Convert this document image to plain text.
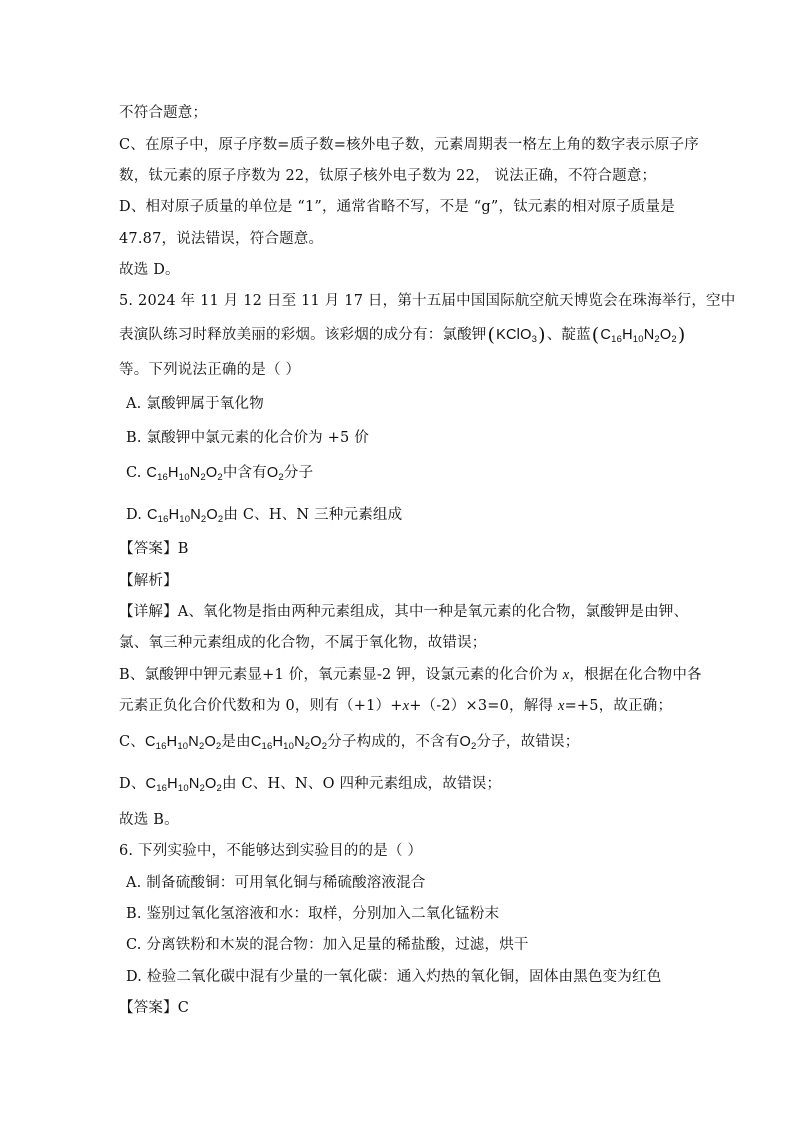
不符合题意；
C、在原子中，原子序数=质子数=核外电子数，元素周期表一格左上角的数字表示原子序
数，钛元素的原子序数为 22，钛原子核外电子数为 22， 说法正确，不符合题意；
D、相对原子质量的单位是 “1”，通常省略不写，不是 “g”，钛元素的相对原子质量是
47.87，说法错误，符合题意。
故选 D。
5. 2024 年 11 月 12 日至 11 月 17 日，第十五届中国国际航空航天博览会在珠海举行，空中
表演队练习时释放美丽的彩烟。该彩烟的成分有：氯酸钾(KClO$_3$)、靛蓝$(C_{16}H_{10}N_2O_2)$
等。下列说法正确的是（ ）
A. 氯酸钾属于氧化物
B. 氯酸钾中氯元素的化合价为 +5 价
C. $C_{16}H_{10}N_2O_2$中含有$O_2$分子
D. $C_{16}H_{10}N_2O_2$由 C、H、N 三种元素组成
【答案】B
【解析】
【详解】A、氧化物是指由两种元素组成，其中一种是氧元素的化合物，氯酸钾是由钾、
氯、氧三种元素组成的化合物，不属于氧化物，故错误；
B、氯酸钾中钾元素显+1 价，氧元素显-2 钾，设氯元素的化合价为 x，根据在化合物中各
元素正负化合价代数和为 0，则有（+1）+x+（-2）×3=0，解得 x=+5，故正确；
C、$C_{16}H_{10}N_2O_2$是由$C_{16}H_{10}N_2O_2$分子构成的，不含有$O_2$分子，故错误；
D、$C_{16}H_{10}N_2O_2$由 C、H、N、O 四种元素组成，故错误；
故选 B。
6. 下列实验中，不能够达到实验目的的是（ ）
A. 制备硫酸铜：可用氧化铜与稀硫酸溶液混合
B. 鉴别过氧化氢溶液和水：取样，分别加入二氧化锰粉末
C. 分离铁粉和木炭的混合物：加入足量的稀盐酸，过滤，烘干
D. 检验二氧化碳中混有少量的一氧化碳：通入灼热的氧化铜，固体由黑色变为红色
【答案】C
